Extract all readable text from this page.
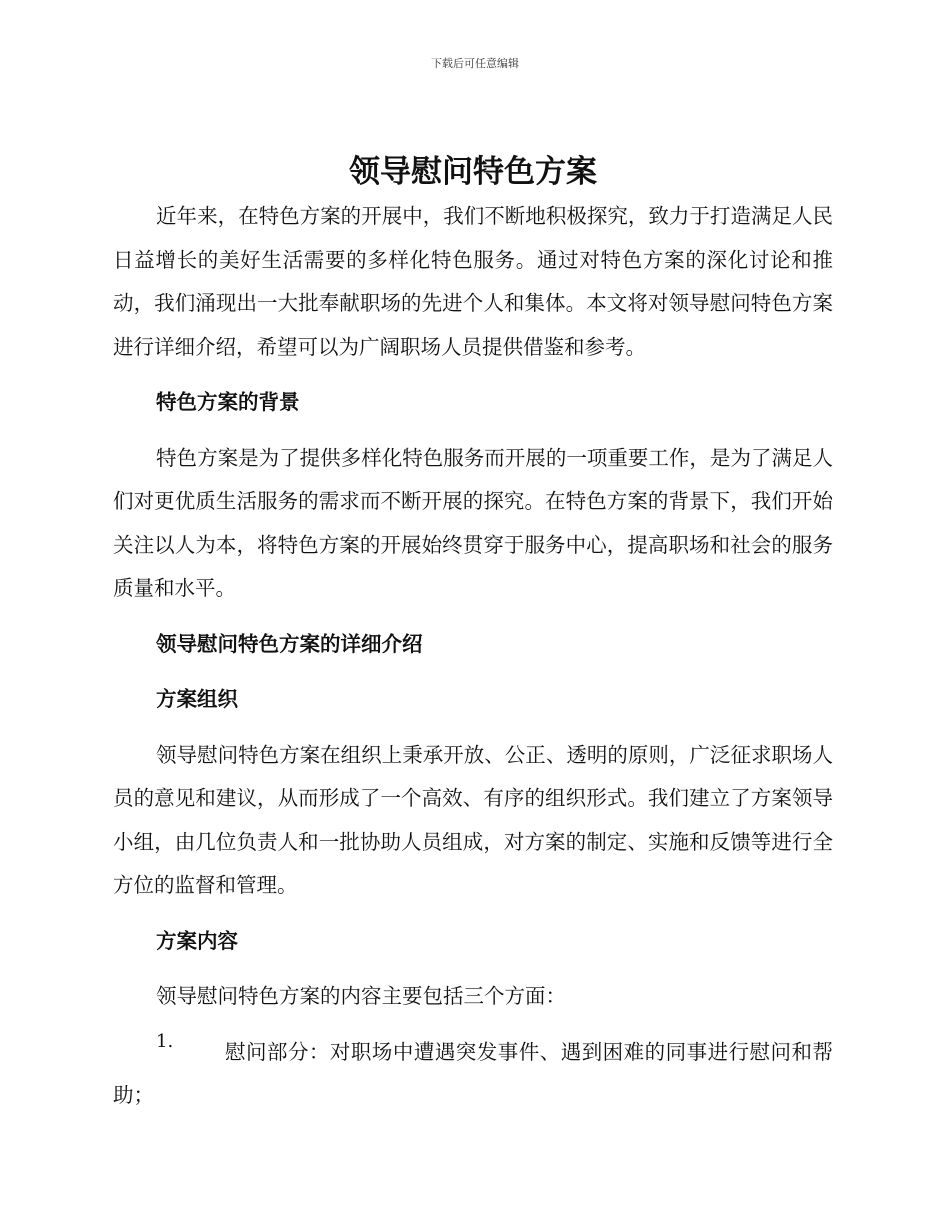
下载后可任意编辑
领导慰问特色方案

近年来，在特色方案的开展中，我们不断地积极探究，致力于打造满足人民日益增长的美好生活需要的多样化特色服务。通过对特色方案的深化讨论和推动，我们涌现出一大批奉献职场的先进个人和集体。本文将对领导慰问特色方案进行详细介绍，希望可以为广阔职场人员提供借鉴和参考。

特色方案的背景

特色方案是为了提供多样化特色服务而开展的一项重要工作，是为了满足人们对更优质生活服务的需求而不断开展的探究。在特色方案的背景下，我们开始关注以人为本，将特色方案的开展始终贯穿于服务中心，提高职场和社会的服务质量和水平。

领导慰问特色方案的详细介绍
方案组织

领导慰问特色方案在组织上秉承开放、公正、透明的原则，广泛征求职场人员的意见和建议，从而形成了一个高效、有序的组织形式。我们建立了方案领导小组，由几位负责人和一批协助人员组成，对方案的制定、实施和反馈等进行全方位的监督和管理。

方案内容

领导慰问特色方案的内容主要包括三个方面：

1.	慰问部分：对职场中遭遇突发事件、遇到困难的同事进行慰问和帮助；
